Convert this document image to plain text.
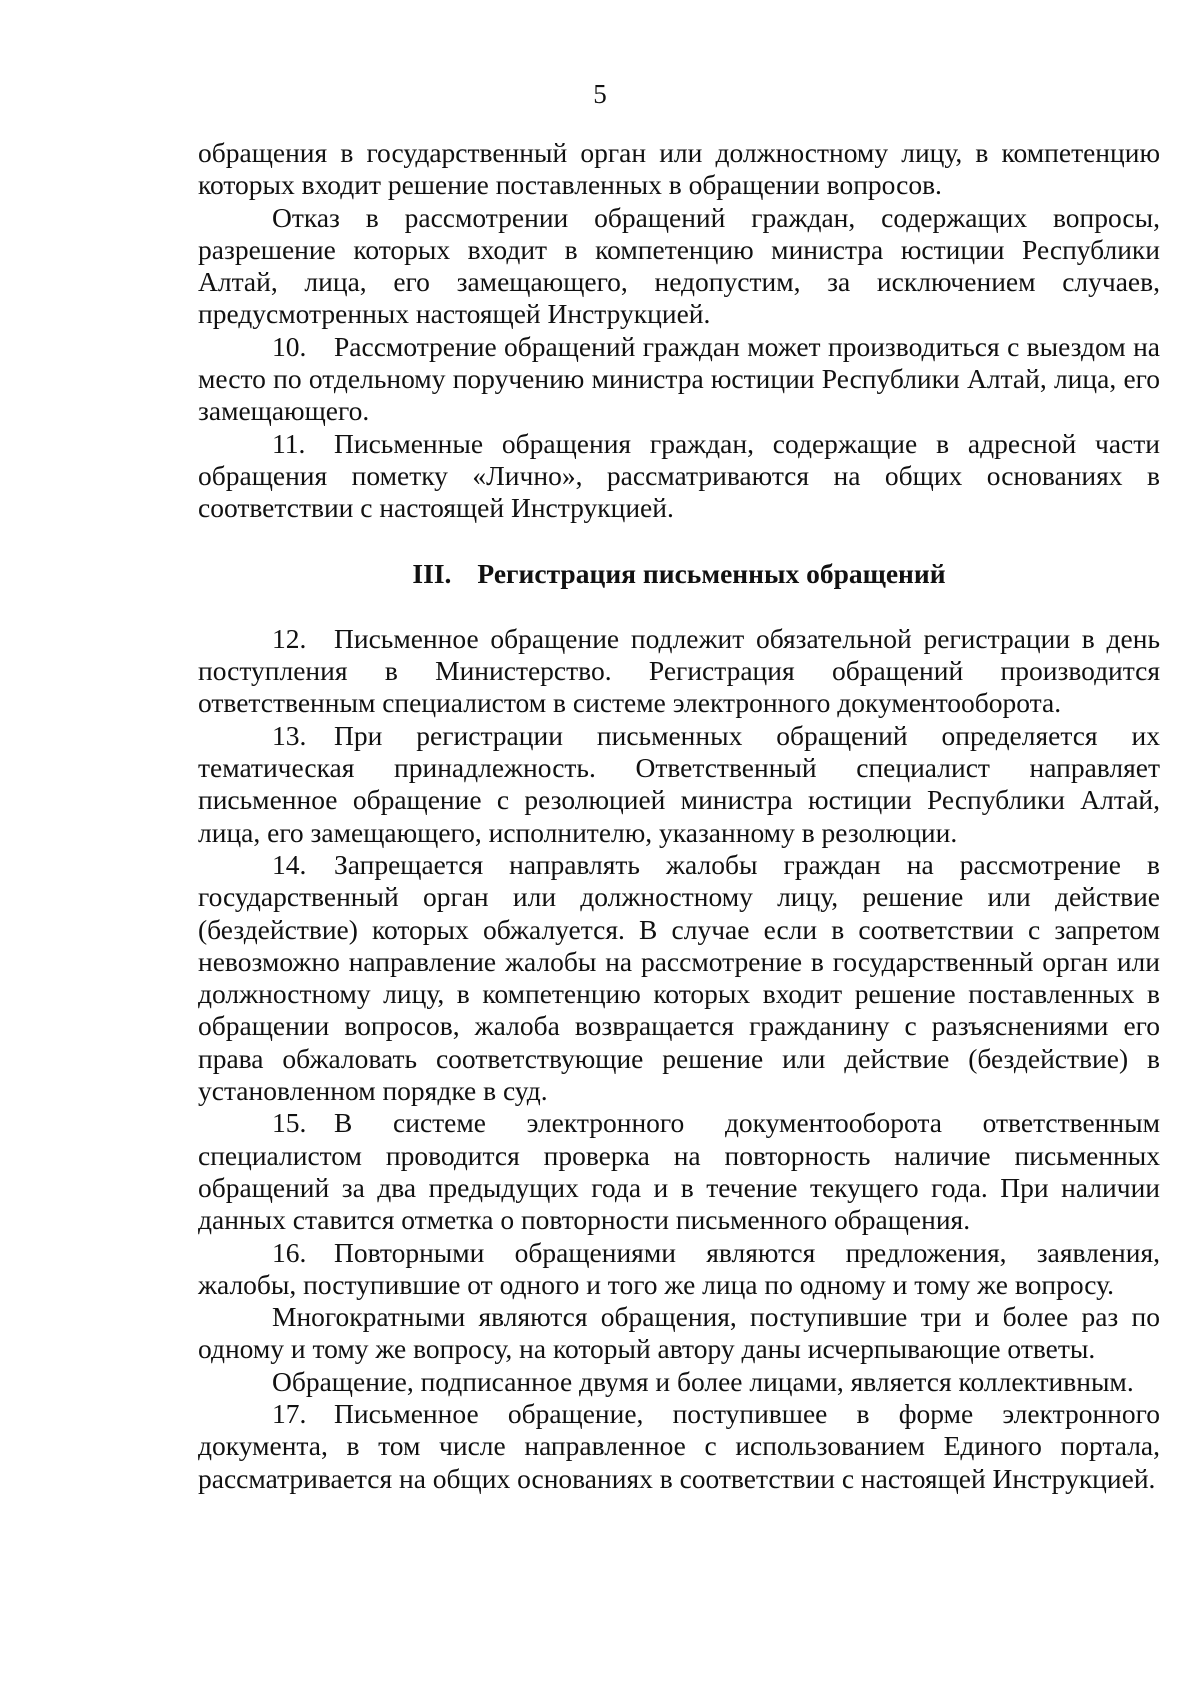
5

обращения в государственный орган или должностному лицу, в компетенцию которых входит решение поставленных в обращении вопросов.

Отказ в рассмотрении обращений граждан, содержащих вопросы, разрешение которых входит в компетенцию министра юстиции Республики Алтай, лица, его замещающего, недопустим, за исключением случаев, предусмотренных настоящей Инструкцией.

10. Рассмотрение обращений граждан может производиться с выездом на место по отдельному поручению министра юстиции Республики Алтай, лица, его замещающего.

11. Письменные обращения граждан, содержащие в адресной части обращения пометку «Лично», рассматриваются на общих основаниях в соответствии с настоящей Инструкцией.

III. Регистрация письменных обращений

12. Письменное обращение подлежит обязательной регистрации в день поступления в Министерство. Регистрация обращений производится ответственным специалистом в системе электронного документооборота.

13. При регистрации письменных обращений определяется их тематическая принадлежность. Ответственный специалист направляет письменное обращение с резолюцией министра юстиции Республики Алтай, лица, его замещающего, исполнителю, указанному в резолюции.

14. Запрещается направлять жалобы граждан на рассмотрение в государственный орган или должностному лицу, решение или действие (бездействие) которых обжалуется. В случае если в соответствии с запретом невозможно направление жалобы на рассмотрение в государственный орган или должностному лицу, в компетенцию которых входит решение поставленных в обращении вопросов, жалоба возвращается гражданину с разъяснениями его права обжаловать соответствующие решение или действие (бездействие) в установленном порядке в суд.

15. В системе электронного документооборота ответственным специалистом проводится проверка на повторность наличие письменных обращений за два предыдущих года и в течение текущего года. При наличии данных ставится отметка о повторности письменного обращения.

16. Повторными обращениями являются предложения, заявления, жалобы, поступившие от одного и того же лица по одному и тому же вопросу.

Многократными являются обращения, поступившие три и более раз по одному и тому же вопросу, на который автору даны исчерпывающие ответы.

Обращение, подписанное двумя и более лицами, является коллективным.

17. Письменное обращение, поступившее в форме электронного документа, в том числе направленное с использованием Единого портала, рассматривается на общих основаниях в соответствии с настоящей Инструкцией.
